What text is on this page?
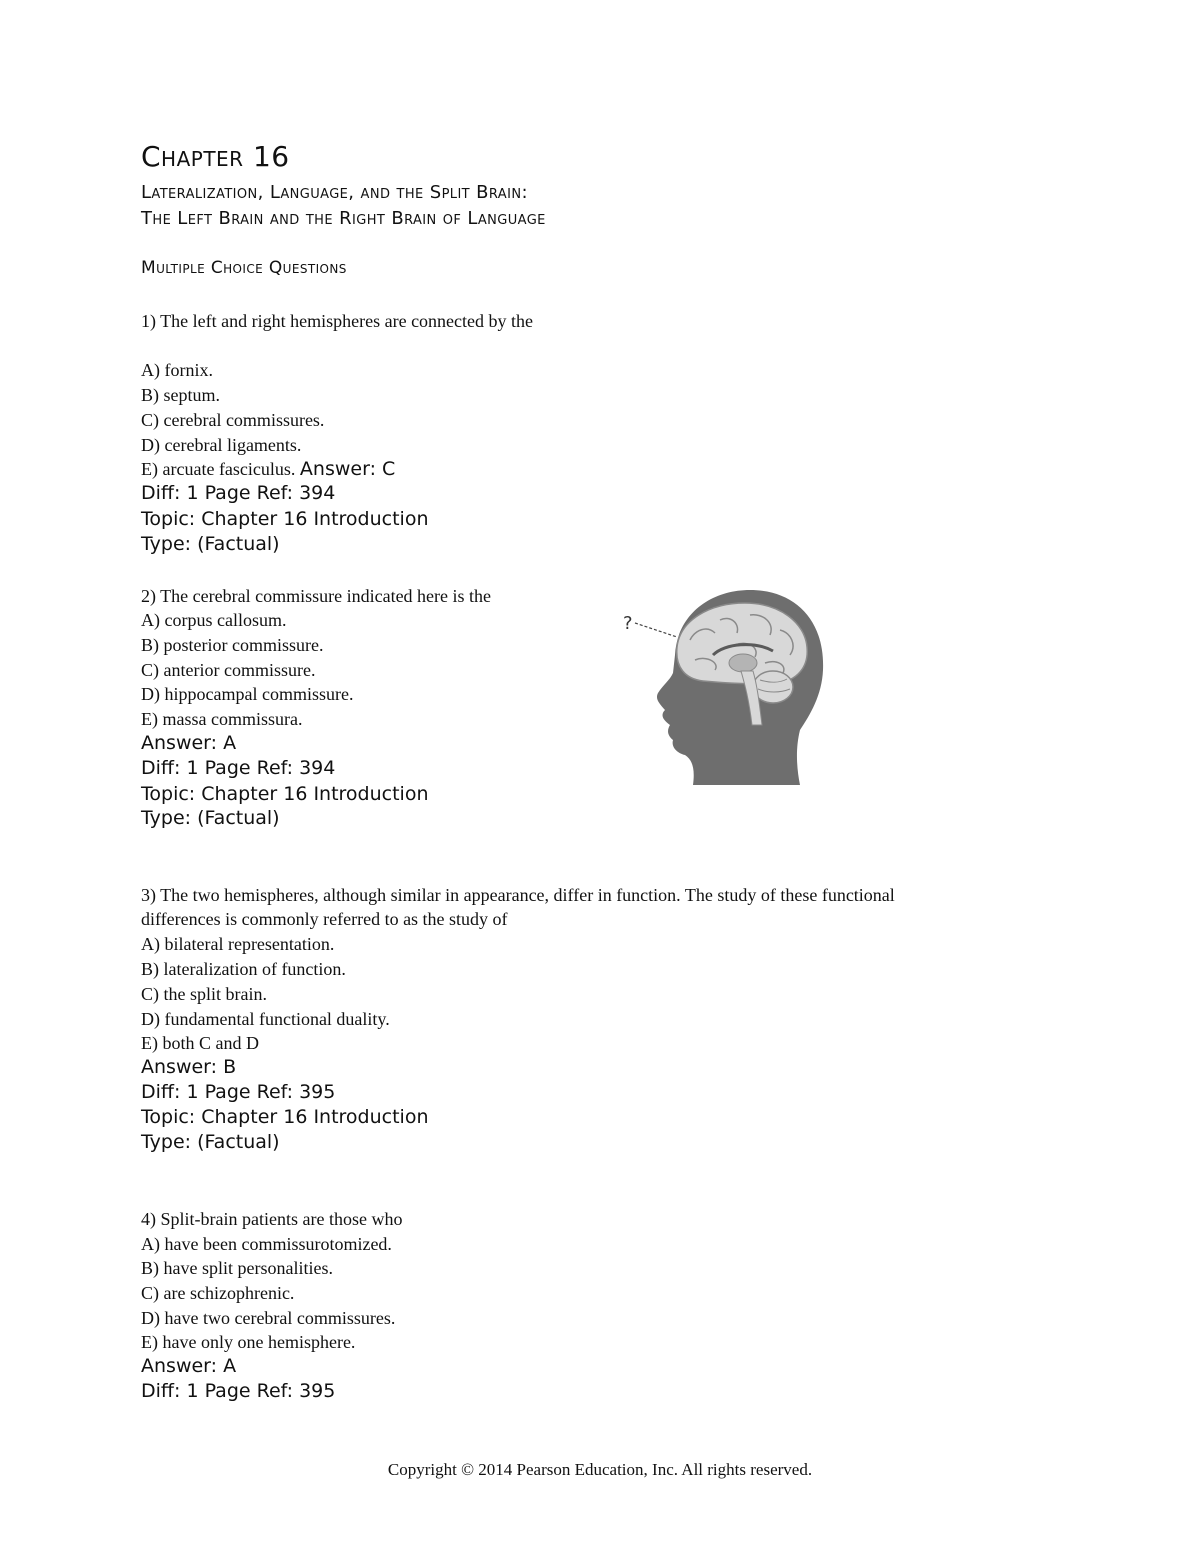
Chapter 16
Lateralization, Language, and the Split Brain:
The Left Brain and the Right Brain of Language
Multiple Choice Questions
1) The left and right hemispheres are connected by the
A) fornix.
B) septum.
C) cerebral commissures.
D) cerebral ligaments.
E) arcuate fasciculus. Answer: C
Diff: 1 Page Ref: 394
Topic: Chapter 16 Introduction
Type: (Factual)
2) The cerebral commissure indicated here is the
A) corpus callosum.
B) posterior commissure.
C) anterior commissure.
D) hippocampal commissure.
E) massa commissura.
Answer: A
Diff: 1 Page Ref: 394
Topic: Chapter 16 Introduction
Type: (Factual)
?
3) The two hemispheres, although similar in appearance, differ in function. The study of these functional
differences is commonly referred to as the study of
A) bilateral representation.
B) lateralization of function.
C) the split brain.
D) fundamental functional duality.
E) both C and D
Answer: B
Diff: 1 Page Ref: 395
Topic: Chapter 16 Introduction
Type: (Factual)
4) Split-brain patients are those who
A) have been commissurotomized.
B) have split personalities.
C) are schizophrenic.
D) have two cerebral commissures.
E) have only one hemisphere.
Answer: A
Diff: 1 Page Ref: 395
Copyright © 2014 Pearson Education, Inc. All rights reserved.
